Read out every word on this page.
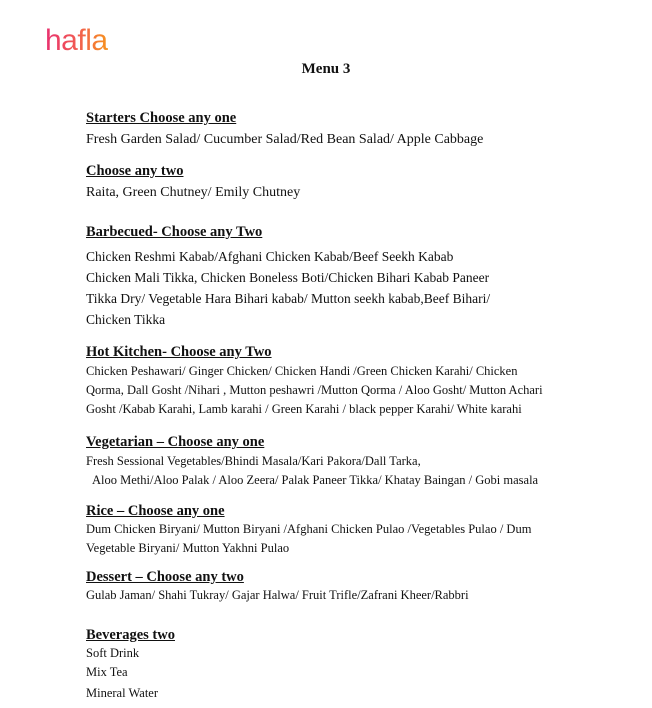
hafla
Menu 3
Starters Choose any one
Fresh Garden Salad/ Cucumber Salad/Red Bean Salad/ Apple Cabbage
Choose any two
Raita, Green Chutney/ Emily Chutney
Barbecued- Choose any Two
Chicken Reshmi Kabab/Afghani Chicken Kabab/Beef Seekh Kabab
Chicken Mali Tikka, Chicken Boneless Boti/Chicken Bihari Kabab Paneer
Tikka Dry/ Vegetable Hara Bihari kabab/ Mutton seekh kabab,Beef Bihari/
Chicken Tikka
Hot Kitchen- Choose any Two
Chicken Peshawari/ Ginger Chicken/ Chicken Handi /Green Chicken Karahi/ Chicken
Qorma, Dall Gosht /Nihari , Mutton peshawri /Mutton Qorma / Aloo Gosht/ Mutton Achari
Gosht /Kabab Karahi, Lamb karahi / Green Karahi / black pepper Karahi/ White karahi
Vegetarian – Choose any one
Fresh Sessional Vegetables/Bhindi Masala/Kari Pakora/Dall Tarka,
Aloo Methi/Aloo Palak / Aloo Zeera/ Palak Paneer Tikka/ Khatay Baingan / Gobi masala
Rice – Choose any one
Dum Chicken Biryani/ Mutton Biryani /Afghani Chicken Pulao /Vegetables Pulao / Dum
Vegetable Biryani/ Mutton Yakhni Pulao
Dessert – Choose any two
Gulab Jaman/ Shahi Tukray/ Gajar Halwa/ Fruit Trifle/Zafrani Kheer/Rabbri
Beverages two
Soft Drink
Mix Tea
Mineral Water
